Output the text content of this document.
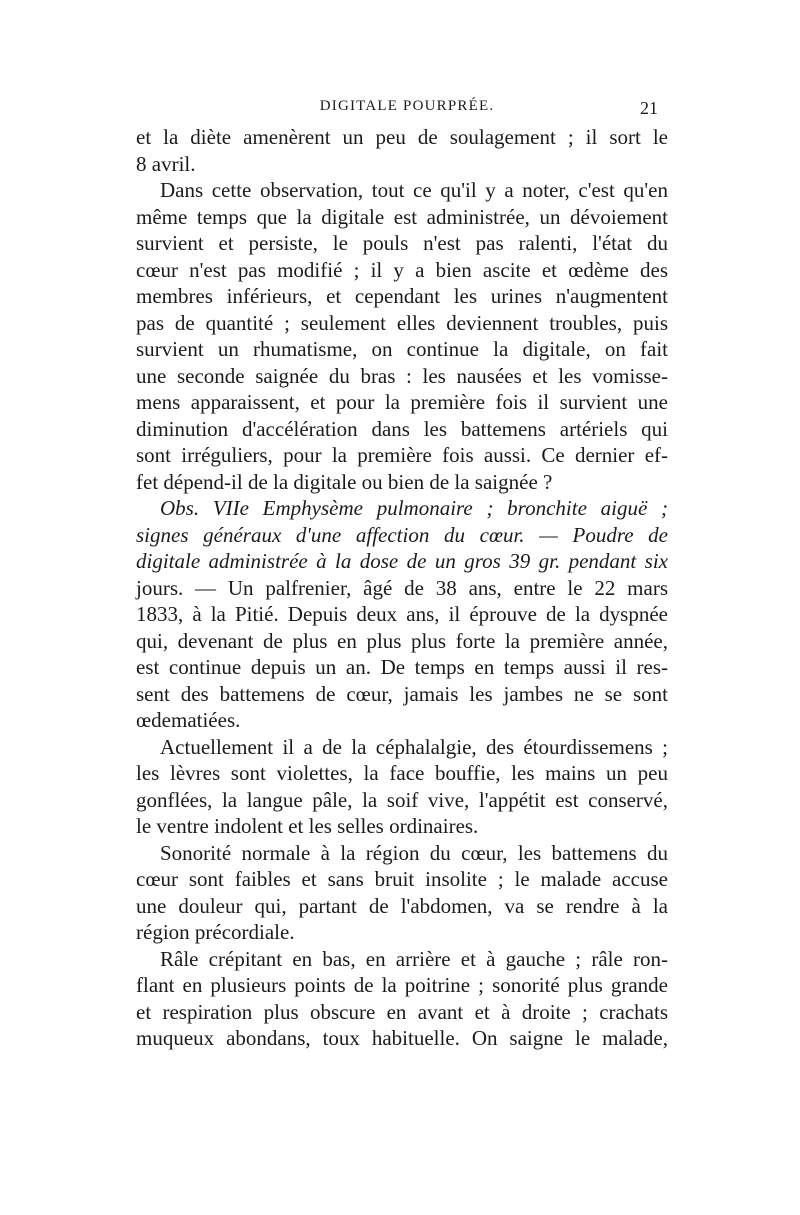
DIGITALE POURPRÉE.	21
et la diète amenèrent un peu de soulagement ; il sort le
8 avril.
Dans cette observation, tout ce qu'il y a noter, c'est qu'en
même temps que la digitale est administrée, un dévoiement
survient et persiste, le pouls n'est pas ralenti, l'état du
cœur n'est pas modifié ; il y a bien ascite et œdème des
membres inférieurs, et cependant les urines n'augmentent
pas de quantité ; seulement elles deviennent troubles, puis
survient un rhumatisme, on continue la digitale, on fait
une seconde saignée du bras : les nausées et les vomisse-
mens apparaissent, et pour la première fois il survient une
diminution d'accélération dans les battemens artériels qui
sont irréguliers, pour la première fois aussi. Ce dernier ef-
fet dépend-il de la digitale ou bien de la saignée ?
Obs. VIIe Emphysème pulmonaire ; bronchite aiguë ;
signes généraux d'une affection du cœur. — Poudre de
digitale administrée à la dose de un gros 39 gr. pendant six
jours. — Un palfrenier, âgé de 38 ans, entre le 22 mars
1833, à la Pitié. Depuis deux ans, il éprouve de la dyspnée
qui, devenant de plus en plus plus forte la première année,
est continue depuis un an. De temps en temps aussi il res-
sent des battemens de cœur, jamais les jambes ne se sont
œdematiées.
Actuellement il a de la céphalalgie, des étourdissemens ;
les lèvres sont violettes, la face bouffie, les mains un peu
gonflées, la langue pâle, la soif vive, l'appétit est conservé,
le ventre indolent et les selles ordinaires.
Sonorité normale à la région du cœur, les battemens du
cœur sont faibles et sans bruit insolite ; le malade accuse
une douleur qui, partant de l'abdomen, va se rendre à la
région précordiale.
Râle crépitant en bas, en arrière et à gauche ; râle ron-
flant en plusieurs points de la poitrine ; sonorité plus grande
et respiration plus obscure en avant et à droite ; crachats
muqueux abondans, toux habituelle. On saigne le malade,
